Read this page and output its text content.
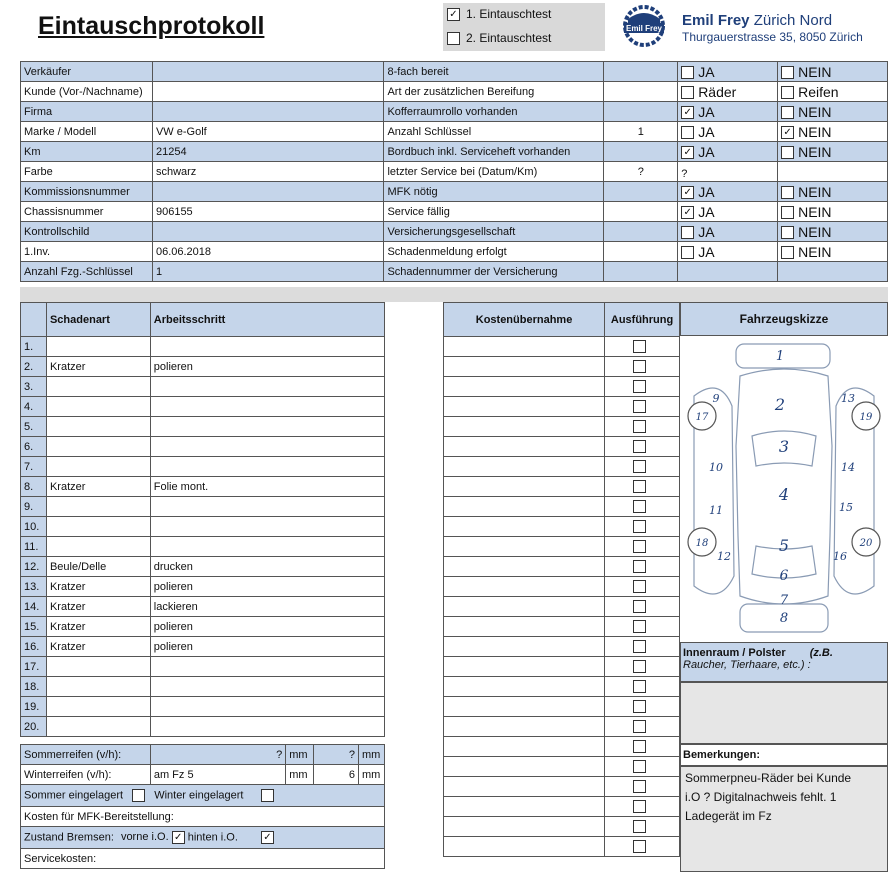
Eintauschprotokoll	✓ 1. Eintauschtest
2. Eintauschtest
Emil Frey Emil Frey Zürich Nord
Thurgauerstrasse 35, 8050 Zürich
Verkäufer		8-fach bereit		JA	NEIN
Kunde (Vor-/Nachname)		Art der zusätzlichen Bereifung		Räder	Reifen
Firma		Kofferraumrollo vorhanden		✓ JA	NEIN
Marke / Modell	VW e-Golf	Anzahl Schlüssel	1	JA	✓ NEIN
Km	21254	Bordbuch inkl. Serviceheft vorhanden		✓ JA	NEIN
Farbe	schwarz	letzter Service bei (Datum/Km)	?	?	
Kommissionsnummer		MFK nötig		✓ JA	NEIN
Chassisnummer	906155	Service fällig		✓ JA	NEIN
Kontrollschild		Versicherungsgesellschaft		JA	NEIN
1.Inv.	06.06.2018	Schadenmeldung erfolgt		JA	NEIN
Anzahl Fzg.-Schlüssel	1	Schadennummer der Versicherung			
	Schadenart	Arbeitsschritt
1.		
2.	Kratzer	polieren
3.		
4.		
5.		
6.		
7.		
8.	Kratzer	Folie mont.
9.		
10.		
11.		
12.	Beule/Delle	drucken
13.	Kratzer	polieren
14.	Kratzer	lackieren
15.	Kratzer	polieren
16.	Kratzer	polieren
17.		
18.		
19.		
20.		
Kostenübernahme	Ausführung

		Fahrzeugskizze
1
2
3
4
5
6
7
8
9
10
11
12
13
14
15
16
17
18
19
20
Innenraum / Polster (z.B.
Raucher, Tierhaare, etc.) :
Bemerkungen:
Sommerpneu-Räder bei Kunde
i.O ? Digitalnachweis fehlt. 1
Ladegerät im Fz
Sommerreifen (v/h):	?	mm	?	mm
Winterreifen (v/h):	am Fz 5	mm	6	mm
Sommer eingelagert Winter eingelagert				
Kosten für MFK-Bereitstellung:				
Zustand Bremsen: vorne i.O. ✓ hinten i.O. ✓				
Servicekosten:				
